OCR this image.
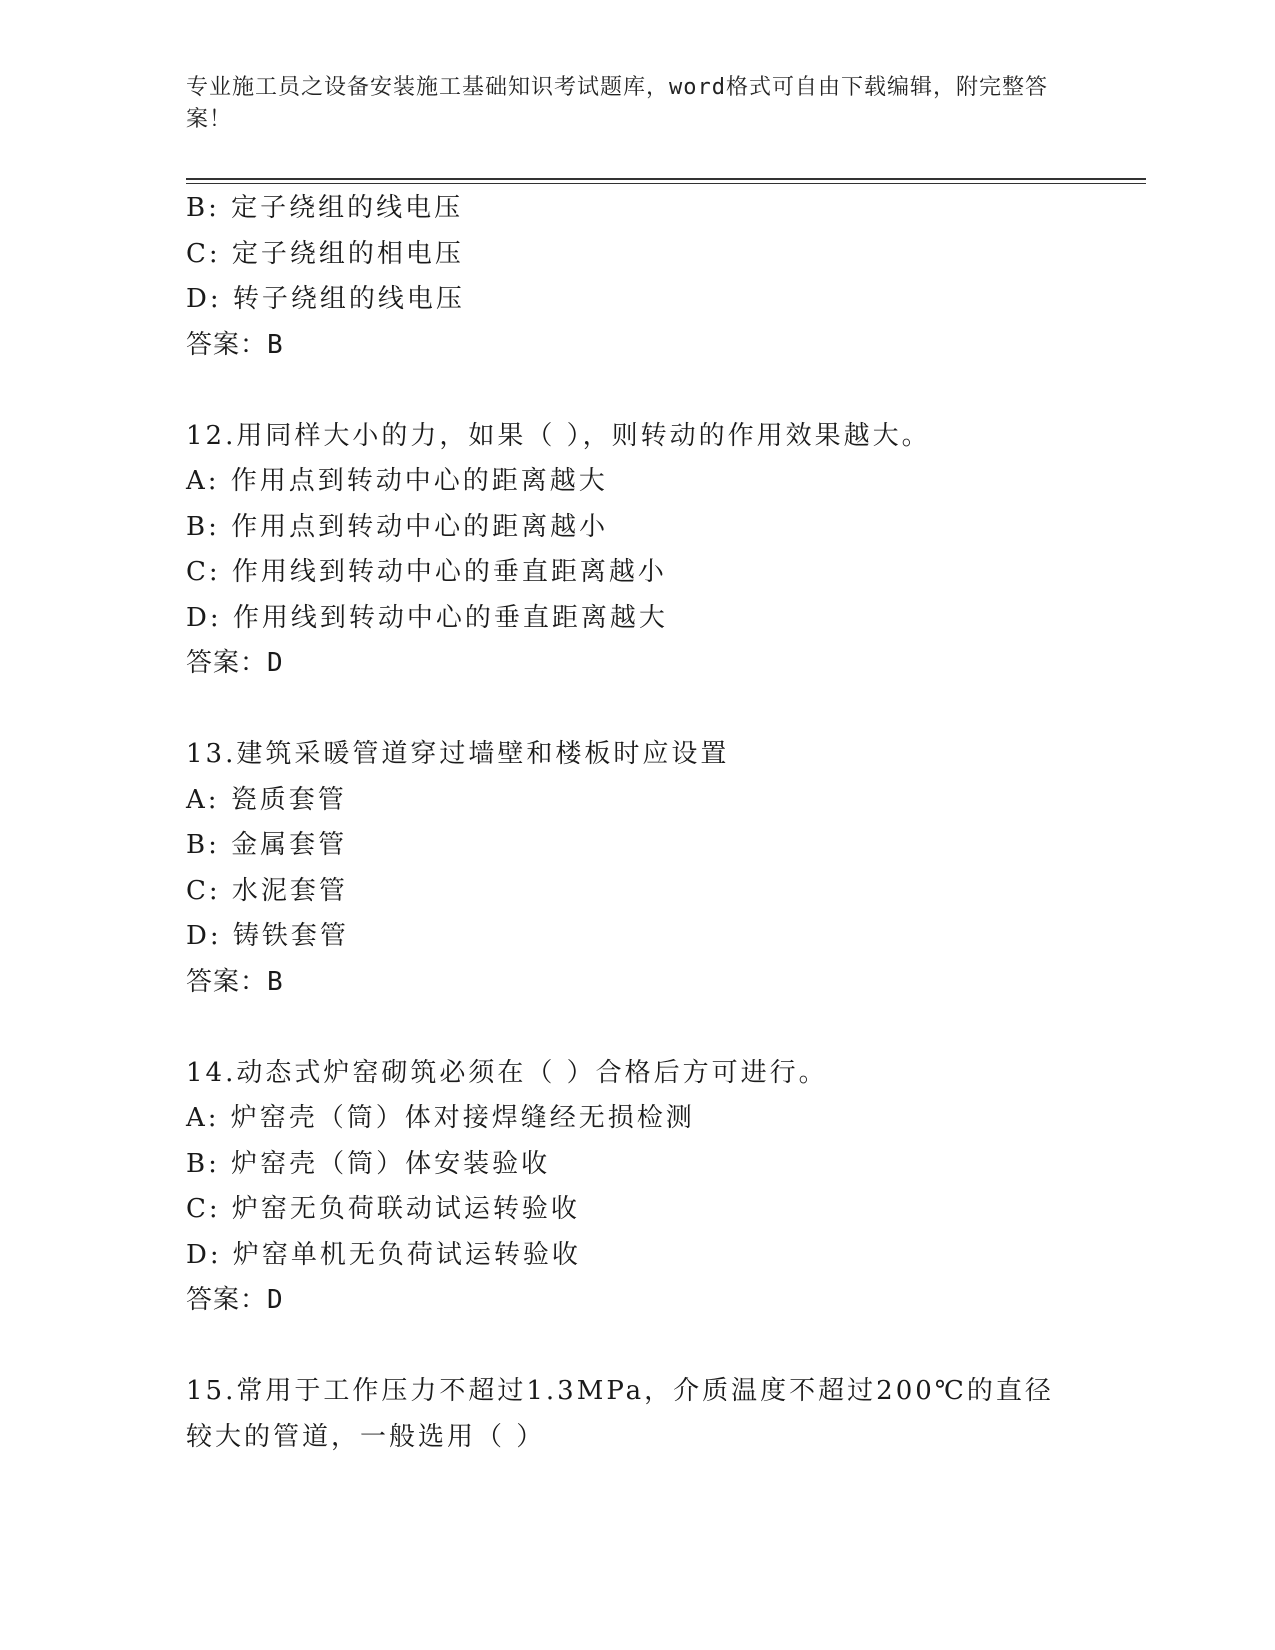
专业施工员之设备安装施工基础知识考试题库，word格式可自由下载编辑，附完整答案！
B: 定子绕组的线电压
C: 定子绕组的相电压
D: 转子绕组的线电压
答案：B
12.用同样大小的力，如果（ ），则转动的作用效果越大。
A: 作用点到转动中心的距离越大
B: 作用点到转动中心的距离越小
C: 作用线到转动中心的垂直距离越小
D: 作用线到转动中心的垂直距离越大
答案：D
13.建筑采暖管道穿过墙壁和楼板时应设置
A: 瓷质套管
B: 金属套管
C: 水泥套管
D: 铸铁套管
答案：B
14.动态式炉窑砌筑必须在（ ）合格后方可进行。
A: 炉窑壳（筒）体对接焊缝经无损检测
B: 炉窑壳（筒）体安装验收
C: 炉窑无负荷联动试运转验收
D: 炉窑单机无负荷试运转验收
答案：D
15.常用于工作压力不超过1.3MPa，介质温度不超过200℃的直径较大的管道，一般选用（ ）
